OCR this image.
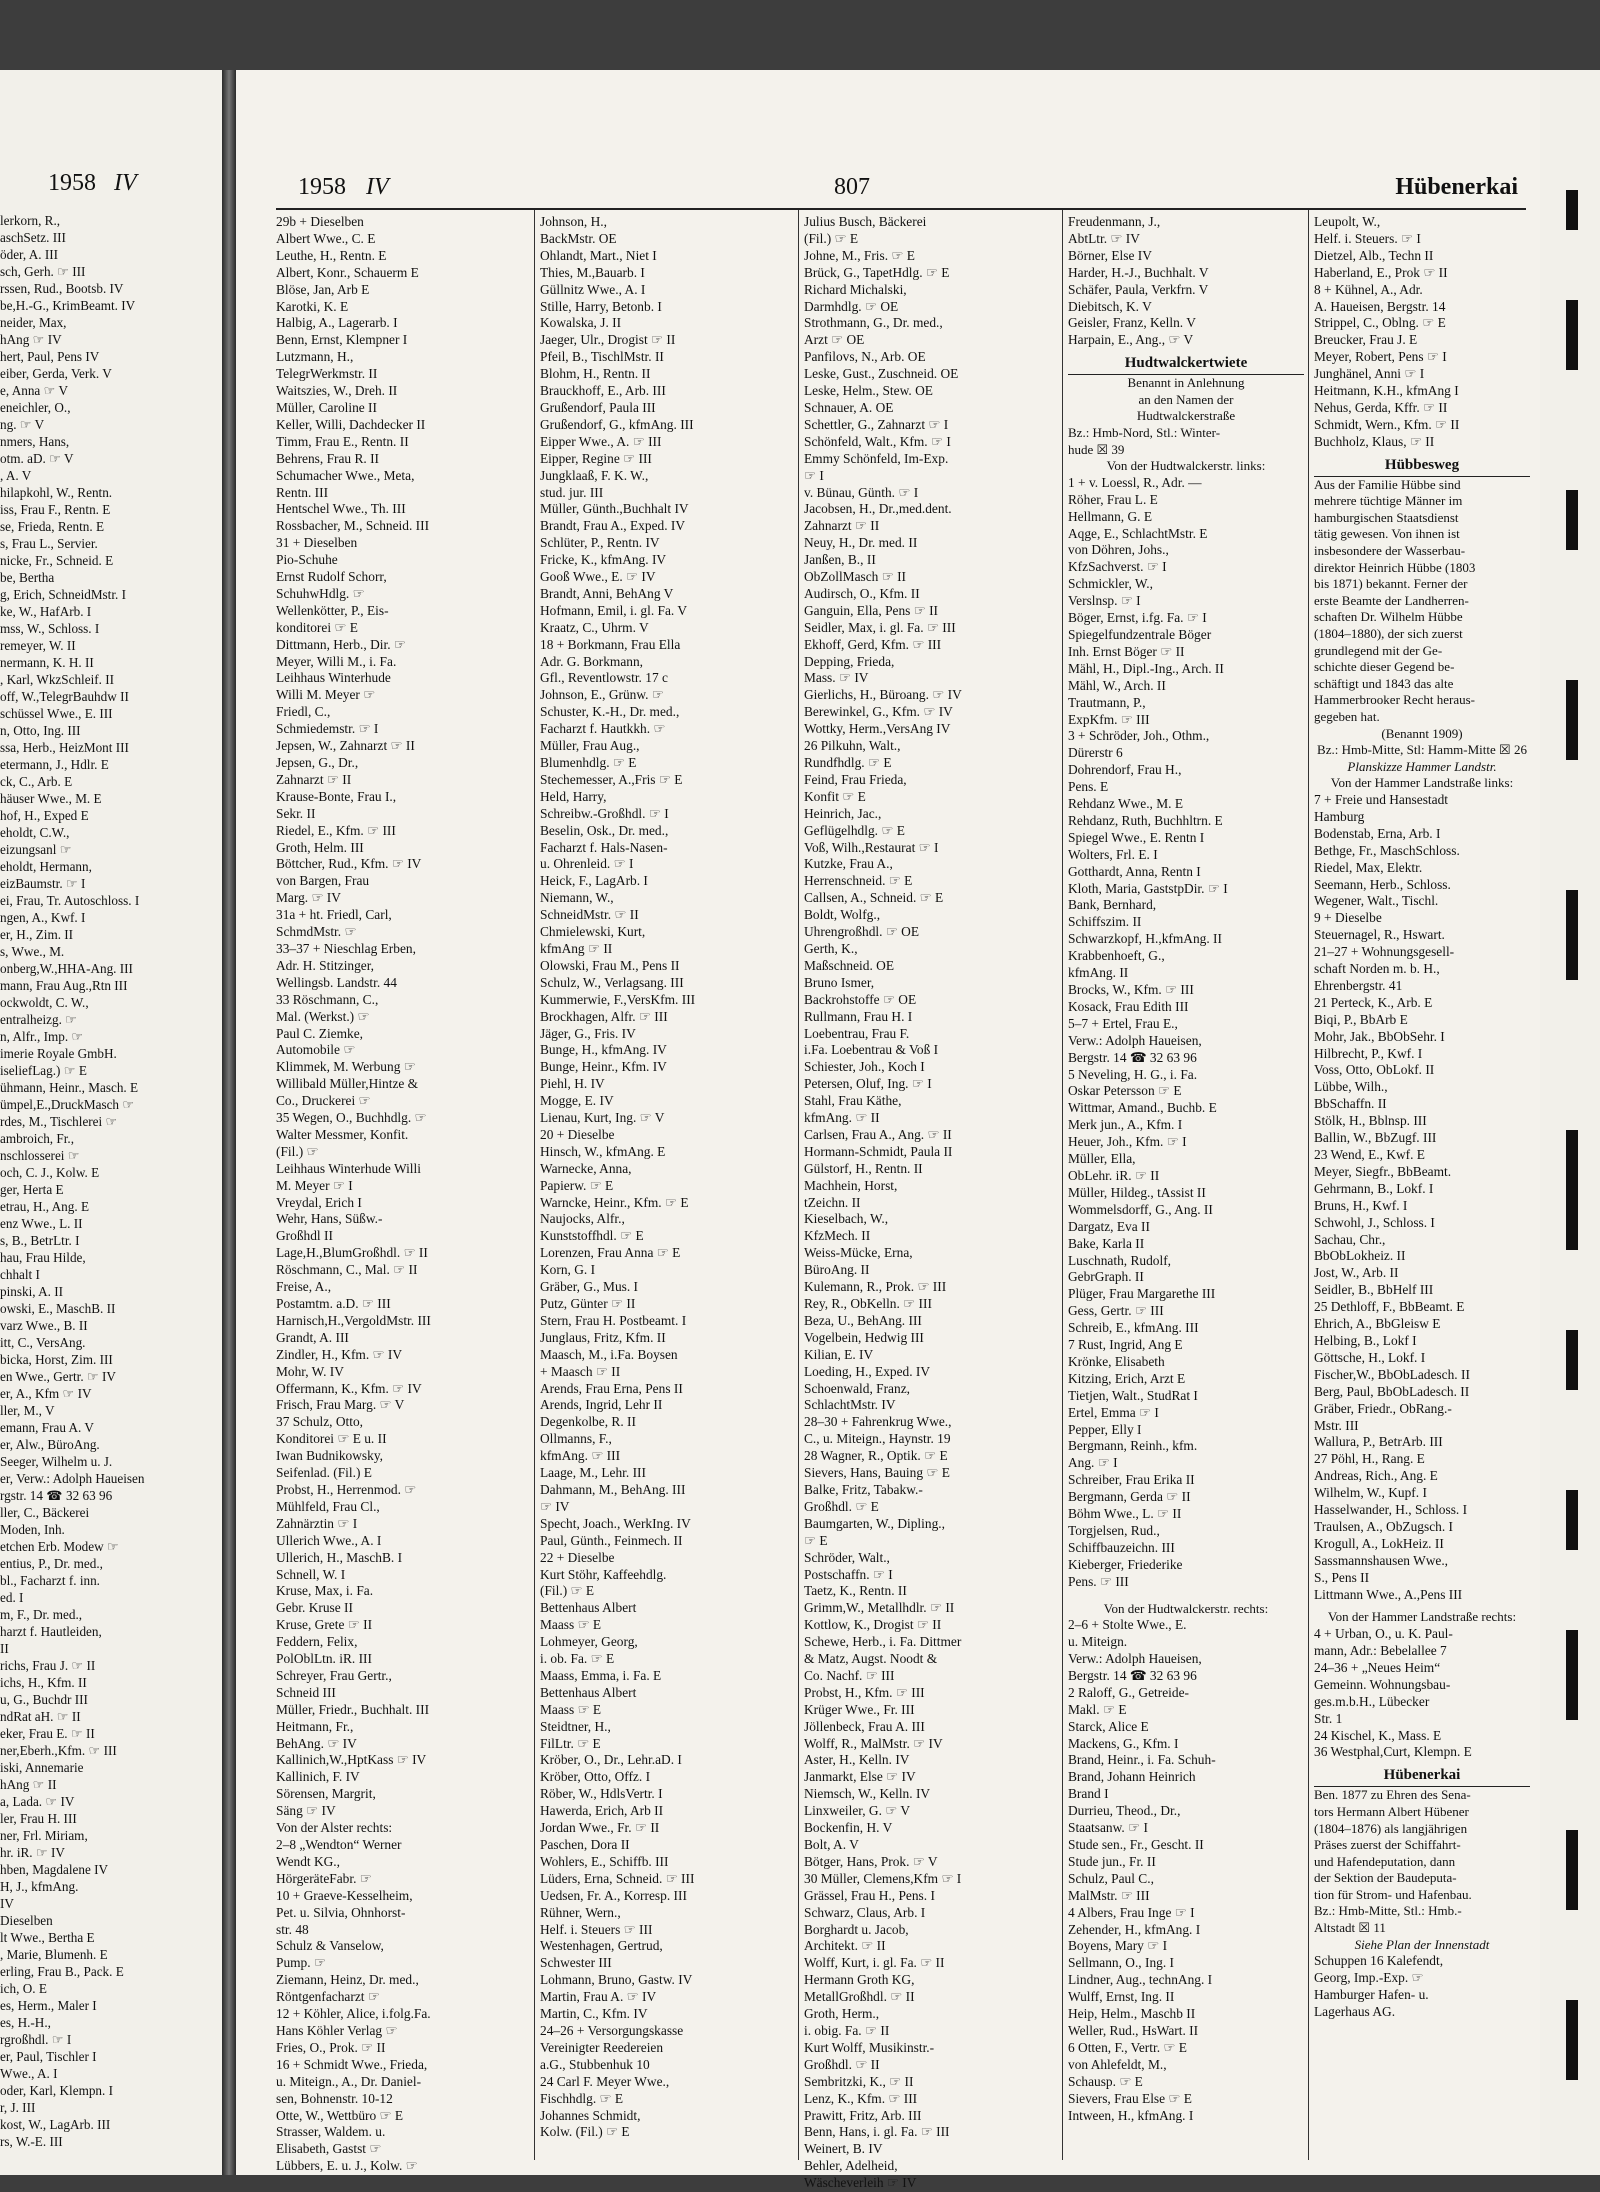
1958 IV
lerkorn, R.,
aschSetz. III
öder, A. III
sch, Gerh. ☞ III
rssen, Rud., Bootsb. IV
be,H.-G., KrimBeamt. IV
neider, Max,
hAng ☞ IV
hert, Paul, Pens IV
eiber, Gerda, Verk. V
e, Anna ☞ V
eneichler, O.,
ng. ☞ V
nmers, Hans,
otm. aD. ☞ V
, A. V
hilapkohl, W., Rentn.
iss, Frau F., Rentn. E
se, Frieda, Rentn. E
s, Frau L., Servier.
nicke, Fr., Schneid. E
be, Bertha
g, Erich, SchneidMstr. I
ke, W., HafArb. I
mss, W., Schloss. I
remeyer, W. II
nermann, K. H. II
, Karl, WkzSchleif. II
off, W.,TelegrBauhdw II
schüssel Wwe., E. III
n, Otto, Ing. III
ssa, Herb., HeizMont III
etermann, J., Hdlr. E
ck, C., Arb. E
häuser Wwe., M. E
hof, H., Exped E
eholdt, C.W.,
eizungsanl ☞
eholdt, Hermann,
eizBaumstr. ☞ I
ei, Frau, Tr. Autoschloss. I
ngen, A., Kwf. I
er, H., Zim. II
s, Wwe., M.
onberg,W.,HHA-Ang. III
mann, Frau Aug.,Rtn III
ockwoldt, C. W.,
entralheizg. ☞
n, Alfr., Imp. ☞
imerie Royale GmbH.
iseliefLag.) ☞ E
ühmann, Heinr., Masch. E
ümpel,E.,DruckMasch ☞
rdes, M., Tischlerei ☞
ambroich, Fr.,
nschlosserei ☞
och, C. J., Kolw. E
ger, Herta E
etrau, H., Ang. E
enz Wwe., L. II
s, B., BetrLtr. I
hau, Frau Hilde,
chhalt I
pinski, A. II
owski, E., MaschB. II
varz Wwe., B. II
itt, C., VersAng.
bicka, Horst, Zim. III
en Wwe., Gertr. ☞ IV
er, A., Kfm ☞ IV
ller, M., V
emann, Frau A. V
er, Alw., BüroAng.
Seeger, Wilhelm u. J.
er, Verw.: Adolph Haueisen
rgstr. 14 ☎ 32 63 96
ller, C., Bäckerei
Moden, Inh.
etchen Erb. Modew ☞
entius, P., Dr. med.,
bl., Facharzt f. inn.
ed. I
m, F., Dr. med.,
harzt f. Hautleiden,
II
richs, Frau J. ☞ II
ichs, H., Kfm. II
u, G., Buchdr III
ndRat aH. ☞ II
eker, Frau E. ☞ II
ner,Eberh.,Kfm. ☞ III
iski, Annemarie
hAng ☞ II
a, Lada. ☞ IV
ler, Frau H. III
ner, Frl. Miriam,
hr. iR. ☞ IV
hben, Magdalene IV
H, J., kfmAng.
IV
Dieselben
lt Wwe., Bertha E
, Marie, Blumenh. E
erling, Frau B., Pack. E
ich, O. E
es, Herm., Maler I
es, H.-H.,
rgroßhdl. ☞ I
er, Paul, Tischler I
Wwe., A. I
oder, Karl, Klempn. I
r, J. III
kost, W., LagArb. III
rs, W.-E. III
1958 IV	807	Hübenerkai
29b + Dieselben
Albert Wwe., C. E
Leuthe, H., Rentn. E
Albert, Konr., Schauerm E
Blöse, Jan, Arb E
Karotki, K. E
Halbig, A., Lagerarb. I
Benn, Ernst, Klempner I
Lutzmann, H.,
TelegrWerkmstr. II
Waitszies, W., Dreh. II
Müller, Caroline II
Keller, Willi, Dachdecker II
Timm, Frau E., Rentn. II
Behrens, Frau R. II
Schumacher Wwe., Meta,
Rentn. III
Hentschel Wwe., Th. III
Rossbacher, M., Schneid. III
31 + Dieselben
Pio-Schuhe
Ernst Rudolf Schorr,
SchuhwHdlg. ☞
Wellenkötter, P., Eis-
konditorei ☞ E
Dittmann, Herb., Dir. ☞
Meyer, Willi M., i. Fa.
Leihhaus Winterhude
Willi M. Meyer ☞
Friedl, C.,
Schmiedemstr. ☞ I
Jepsen, W., Zahnarzt ☞ II
Jepsen, G., Dr.,
Zahnarzt ☞ II
Krause-Bonte, Frau I.,
Sekr. II
Riedel, E., Kfm. ☞ III
Groth, Helm. III
Böttcher, Rud., Kfm. ☞ IV
von Bargen, Frau
Marg. ☞ IV
31a + ht. Friedl, Carl,
SchmdMstr. ☞
33–37 + Nieschlag Erben,
Adr. H. Stitzinger,
Wellingsb. Landstr. 44
33 Röschmann, C.,
Mal. (Werkst.) ☞
Paul C. Ziemke,
Automobile ☞
Klimmek, M. Werbung ☞
Willibald Müller,Hintze &
Co., Druckerei ☞
35 Wegen, O., Buchhdlg. ☞
Walter Messmer, Konfit.
(Fil.) ☞
Leihhaus Winterhude Willi
M. Meyer ☞ I
Vreydal, Erich I
Wehr, Hans, Süßw.-
Großhdl II
Lage,H.,BlumGroßhdl. ☞ II
Röschmann, C., Mal. ☞ II
Freise, A.,
Postamtm. a.D. ☞ III
Harnisch,H.,VergoldMstr. III
Grandt, A. III
Zindler, H., Kfm. ☞ IV
Mohr, W. IV
Offermann, K., Kfm. ☞ IV
Frisch, Frau Marg. ☞ V
37 Schulz, Otto,
Konditorei ☞ E u. II
Iwan Budnikowsky,
Seifenlad. (Fil.) E
Probst, H., Herrenmod. ☞
Mühlfeld, Frau Cl.,
Zahnärztin ☞ I
Ullerich Wwe., A. I
Ullerich, H., MaschB. I
Schnell, W. I
Kruse, Max, i. Fa.
Gebr. Kruse II
Kruse, Grete ☞ II
Feddern, Felix,
PolOblLtn. iR. III
Schreyer, Frau Gertr.,
Schneid III
Müller, Friedr., Buchhalt. III
Heitmann, Fr.,
BehAng. ☞ IV
Kallinich,W.,HptKass ☞ IV
Kallinich, F. IV
Sörensen, Margrit,
Säng ☞ IV
Von der Alster rechts:
2–8 „Wendton“ Werner
Wendt KG.,
HörgeräteFabr. ☞
10 + Graeve-Kesselheim,
Pet. u. Silvia, Ohnhorst-
str. 48
Schulz & Vanselow,
Pump. ☞
Ziemann, Heinz, Dr. med.,
Röntgenfacharzt ☞
12 + Köhler, Alice, i.folg.Fa.
Hans Köhler Verlag ☞
Fries, O., Prok. ☞ II
16 + Schmidt Wwe., Frieda,
u. Miteign., A., Dr. Daniel-
sen, Bohnenstr. 10-12
Otte, W., Wettbüro ☞ E
Strasser, Waldem. u.
Elisabeth, Gastst ☞
Lübbers, E. u. J., Kolw. ☞
Johnson, H.,
BackMstr. OE
Ohlandt, Mart., Niet I
Thies, M.,Bauarb. I
Güllnitz Wwe., A. I
Stille, Harry, Betonb. I
Kowalska, J. II
Jaeger, Ulr., Drogist ☞ II
Pfeil, B., TischlMstr. II
Blohm, H., Rentn. II
Brauckhoff, E., Arb. III
Grußendorf, Paula III
Grußendorf, G., kfmAng. III
Eipper Wwe., A. ☞ III
Eipper, Regine ☞ III
Jungklaaß, F. K. W.,
stud. jur. III
Müller, Günth.,Buchhalt IV
Brandt, Frau A., Exped. IV
Schlüter, P., Rentn. IV
Fricke, K., kfmAng. IV
Gooß Wwe., E. ☞ IV
Brandt, Anni, BehAng V
Hofmann, Emil, i. gl. Fa. V
Kraatz, C., Uhrm. V
18 + Borkmann, Frau Ella
Adr. G. Borkmann,
Gfl., Reventlowstr. 17 c
Johnson, E., Grünw. ☞
Schuster, K.-H., Dr. med.,
Facharzt f. Hautkkh. ☞
Müller, Frau Aug.,
Blumenhdlg. ☞ E
Stechemesser, A.,Fris ☞ E
Held, Harry,
Schreibw.-Großhdl. ☞ I
Beselin, Osk., Dr. med.,
Facharzt f. Hals-Nasen-
u. Ohrenleid. ☞ I
Heick, F., LagArb. I
Niemann, W.,
SchneidMstr. ☞ II
Chmielewski, Kurt,
kfmAng ☞ II
Olowski, Frau M., Pens II
Schulz, W., Verlagsang. III
Kummerwie, F.,VersKfm. III
Brockhagen, Alfr. ☞ III
Jäger, G., Fris. IV
Bunge, H., kfmAng. IV
Bunge, Heinr., Kfm. IV
Piehl, H. IV
Mogge, E. IV
Lienau, Kurt, Ing. ☞ V
20 + Dieselbe
Hinsch, W., kfmAng. E
Warnecke, Anna,
Papierw. ☞ E
Warncke, Heinr., Kfm. ☞ E
Naujocks, Alfr.,
Kunststoffhdl. ☞ E
Lorenzen, Frau Anna ☞ E
Korn, G. I
Gräber, G., Mus. I
Putz, Günter ☞ II
Stern, Frau H. Postbeamt. I
Junglaus, Fritz, Kfm. II
Maasch, M., i.Fa. Boysen
+ Maasch ☞ II
Arends, Frau Erna, Pens II
Arends, Ingrid, Lehr II
Degenkolbe, R. II
Ollmanns, F.,
kfmAng. ☞ III
Laage, M., Lehr. III
Dahmann, M., BehAng. III
☞ IV
Specht, Joach., WerkIng. IV
Paul, Günth., Feinmech. II
22 + Dieselbe
Kurt Stöhr, Kaffeehdlg.
(Fil.) ☞ E
Bettenhaus Albert
Maass ☞ E
Lohmeyer, Georg,
i. ob. Fa. ☞ E
Maass, Emma, i. Fa. E
Bettenhaus Albert
Maass ☞ E
Steidtner, H.,
FilLtr. ☞ E
Kröber, O., Dr., Lehr.aD. I
Kröber, Otto, Offz. I
Röber, W., HdlsVertr. I
Hawerda, Erich, Arb II
Jordan Wwe., Fr. ☞ II
Paschen, Dora II
Wohlers, E., Schiffb. III
Lüders, Erna, Schneid. ☞ III
Uedsen, Fr. A., Korresp. III
Rühner, Wern.,
Helf. i. Steuers ☞ III
Westenhagen, Gertrud,
Schwester III
Lohmann, Bruno, Gastw. IV
Martin, Frau A. ☞ IV
Martin, C., Kfm. IV
24–26 + Versorgungskasse
Vereinigter Reedereien
a.G., Stubbenhuk 10
24 Carl F. Meyer Wwe.,
Fischhdlg. ☞ E
Johannes Schmidt,
Kolw. (Fil.) ☞ E
Julius Busch, Bäckerei
(Fil.) ☞ E
Johne, M., Fris. ☞ E
Brück, G., TapetHdlg. ☞ E
Richard Michalski,
Darmhdlg. ☞ OE
Strothmann, G., Dr. med.,
Arzt ☞ OE
Panfilovs, N., Arb. OE
Leske, Gust., Zuschneid. OE
Leske, Helm., Stew. OE
Schnauer, A. OE
Schettler, G., Zahnarzt ☞ I
Schönfeld, Walt., Kfm. ☞ I
Emmy Schönfeld, Im-Exp.
☞ I
v. Bünau, Günth. ☞ I
Jacobsen, H., Dr.,med.dent.
Zahnarzt ☞ II
Neuy, H., Dr. med. II
Janßen, B., II
ObZollMasch ☞ II
Audirsch, O., Kfm. II
Ganguin, Ella, Pens ☞ II
Seidler, Max, i. gl. Fa. ☞ III
Ekhoff, Gerd, Kfm. ☞ III
Depping, Frieda,
Mass. ☞ IV
Gierlichs, H., Büroang. ☞ IV
Berewinkel, G., Kfm. ☞ IV
Wottky, Herm.,VersAng IV
26 Pilkuhn, Walt.,
Rundfhdlg. ☞ E
Feind, Frau Frieda,
Konfit ☞ E
Heinrich, Jac.,
Geflügelhdlg. ☞ E
Voß, Wilh.,Restaurat ☞ I
Kutzke, Frau A.,
Herrenschneid. ☞ E
Callsen, A., Schneid. ☞ E
Boldt, Wolfg.,
Uhrengroßhdl. ☞ OE
Gerth, K.,
Maßschneid. OE
Bruno Ismer,
Backrohstoffe ☞ OE
Rullmann, Frau H. I
Loebentrau, Frau F.
i.Fa. Loebentrau & Voß I
Schiester, Joh., Koch I
Petersen, Oluf, Ing. ☞ I
Stahl, Frau Käthe,
kfmAng. ☞ II
Carlsen, Frau A., Ang. ☞ II
Hormann-Schmidt, Paula II
Gülstorf, H., Rentn. II
Machhein, Horst,
tZeichn. II
Kieselbach, W.,
KfzMech. II
Weiss-Mücke, Erna,
BüroAng. II
Kulemann, R., Prok. ☞ III
Rey, R., ObKelln. ☞ III
Beza, U., BehAng. III
Vogelbein, Hedwig III
Kilian, E. IV
Loeding, H., Exped. IV
Schoenwald, Franz,
SchlachtMstr. IV
28–30 + Fahrenkrug Wwe.,
C., u. Miteign., Haynstr. 19
28 Wagner, R., Optik. ☞ E
Sievers, Hans, Bauing ☞ E
Balke, Fritz, Tabakw.-
Großhdl. ☞ E
Baumgarten, W., Dipling.,
☞ E
Schröder, Walt.,
Postschaffn. ☞ I
Taetz, K., Rentn. II
Grimm,W., Metallhdlr. ☞ II
Kottlow, K., Drogist ☞ II
Schewe, Herb., i. Fa. Dittmer
& Matz, Augst. Noodt &
Co. Nachf. ☞ III
Probst, H., Kfm. ☞ III
Krüger Wwe., Fr. III
Jöllenbeck, Frau A. III
Wolff, R., MalMstr. ☞ IV
Aster, H., Kelln. IV
Janmarkt, Else ☞ IV
Niemsch, W., Kelln. IV
Linxweiler, G. ☞ V
Bockenfin, H. V
Bolt, A. V
Bötger, Hans, Prok. ☞ V
30 Müller, Clemens,Kfm ☞ I
Grässel, Frau H., Pens. I
Schwarz, Claus, Arb. I
Borghardt u. Jacob,
Architekt. ☞ II
Wolff, Kurt, i. gl. Fa. ☞ II
Hermann Groth KG,
MetallGroßhdl. ☞ II
Groth, Herm.,
i. obig. Fa. ☞ II
Kurt Wolff, Musikinstr.-
Großhdl. ☞ II
Sembritzki, K., ☞ II
Lenz, K., Kfm. ☞ III
Prawitt, Fritz, Arb. III
Benn, Hans, i. gl. Fa. ☞ III
Weinert, B. IV
Behler, Adelheid,
Wäscheverleih ☞ IV
Freudenmann, J.,
AbtLtr. ☞ IV
Börner, Else IV
Harder, H.-J., Buchhalt. V
Schäfer, Paula, Verkfrn. V
Diebitsch, K. V
Geisler, Franz, Kelln. V
Harpain, E., Ang., ☞ V
Hudtwalckertwiete
Benannt in Anlehnung
an den Namen der
Hudtwalckerstraße
Bz.: Hmb-Nord, Stl.: Winter-
hude ☒ 39
Von der Hudtwalckerstr. links:
1 + v. Loessl, R., Adr. —
Röher, Frau L. E
Hellmann, G. E
Aqge, E., SchlachtMstr. E
von Döhren, Johs.,
KfzSachverst. ☞ I
Schmickler, W.,
Verslnsp. ☞ I
Böger, Ernst, i.fg. Fa. ☞ I
Spiegelfundzentrale Böger
Inh. Ernst Böger ☞ II
Mähl, H., Dipl.-Ing., Arch. II
Mähl, W., Arch. II
Trautmann, P.,
ExpKfm. ☞ III
3 + Schröder, Joh., Othm.,
Dürerstr 6
Dohrendorf, Frau H.,
Pens. E
Rehdanz Wwe., M. E
Rehdanz, Ruth, Buchhltrn. E
Spiegel Wwe., E. Rentn I
Wolters, Frl. E. I
Gotthardt, Anna, Rentn I
Kloth, Maria, GaststpDir. ☞ I
Bank, Bernhard,
Schiffszim. II
Schwarzkopf, H.,kfmAng. II
Krabbenhoeft, G.,
kfmAng. II
Brocks, W., Kfm. ☞ III
Kosack, Frau Edith III
5–7 + Ertel, Frau E.,
Verw.: Adolph Haueisen,
Bergstr. 14 ☎ 32 63 96
5 Neveling, H. G., i. Fa.
Oskar Petersson ☞ E
Wittmar, Amand., Buchb. E
Merk jun., A., Kfm. I
Heuer, Joh., Kfm. ☞ I
Müller, Ella,
ObLehr. iR. ☞ II
Müller, Hildeg., tAssist II
Wommelsdorff, G., Ang. II
Dargatz, Eva II
Bake, Karla II
Luschnath, Rudolf,
GebrGraph. II
Plüger, Frau Margarethe III
Gess, Gertr. ☞ III
Schreib, E., kfmAng. III
7 Rust, Ingrid, Ang E
Krönke, Elisabeth
Kitzing, Erich, Arzt E
Tietjen, Walt., StudRat I
Ertel, Emma ☞ I
Pepper, Elly I
Bergmann, Reinh., kfm.
Ang. ☞ I
Schreiber, Frau Erika II
Bergmann, Gerda ☞ II
Böhm Wwe., L. ☞ II
Torgjelsen, Rud.,
Schiffbauzeichn. III
Kieberger, Friederike
Pens. ☞ III
Von der Hudtwalckerstr. rechts:
2–6 + Stolte Wwe., E.
u. Miteign.
Verw.: Adolph Haueisen,
Bergstr. 14 ☎ 32 63 96
2 Raloff, G., Getreide-
Makl. ☞ E
Starck, Alice E
Mackens, G., Kfm. I
Brand, Heinr., i. Fa. Schuh-
Brand, Johann Heinrich
Brand I
Durrieu, Theod., Dr.,
Staatsanw. ☞ I
Stude sen., Fr., Gescht. II
Stude jun., Fr. II
Schulz, Paul C.,
MalMstr. ☞ III
4 Albers, Frau Inge ☞ I
Zehender, H., kfmAng. I
Boyens, Mary ☞ I
Sellmann, O., Ing. I
Lindner, Aug., technAng. I
Wulff, Ernst, Ing. II
Heip, Helm., Maschb II
Weller, Rud., HsWart. II
6 Otten, F., Vertr. ☞ E
von Ahlefeldt, M.,
Schausp. ☞ E
Sievers, Frau Else ☞ E
Intween, H., kfmAng. I
Leupolt, W.,
Helf. i. Steuers. ☞ I
Dietzel, Alb., Techn II
Haberland, E., Prok ☞ II
8 + Kühnel, A., Adr.
A. Haueisen, Bergstr. 14
Strippel, C., Oblng. ☞ E
Breucker, Frau J. E
Meyer, Robert, Pens ☞ I
Junghänel, Anni ☞ I
Heitmann, K.H., kfmAng I
Nehus, Gerda, Kffr. ☞ II
Schmidt, Wern., Kfm. ☞ II
Buchholz, Klaus, ☞ II
Hübbesweg
Aus der Familie Hübbe sind
mehrere tüchtige Männer im
hamburgischen Staatsdienst
tätig gewesen. Von ihnen ist
insbesondere der Wasserbau-
direktor Heinrich Hübbe (1803
bis 1871) bekannt. Ferner der
erste Beamte der Landherren-
schaften Dr. Wilhelm Hübbe
(1804–1880), der sich zuerst
grundlegend mit der Ge-
schichte dieser Gegend be-
schäftigt und 1843 das alte
Hammerbrooker Recht heraus-
gegeben hat.
(Benannt 1909)
Bz.: Hmb-Mitte, Stl: Hamm-Mitte ☒ 26
Planskizze Hammer Landstr.
Von der Hammer Landstraße links:
7 + Freie und Hansestadt
Hamburg
Bodenstab, Erna, Arb. I
Bethge, Fr., MaschSchloss.
Riedel, Max, Elektr.
Seemann, Herb., Schloss.
Wegener, Walt., Tischl.
9 + Dieselbe
Steuernagel, R., Hswart.
21–27 + Wohnungsgesell-
schaft Norden m. b. H.,
Ehrenbergstr. 41
21 Perteck, K., Arb. E
Biqi, P., BbArb E
Mohr, Jak., BbObSehr. I
Hilbrecht, P., Kwf. I
Voss, Otto, ObLokf. II
Lübbe, Wilh.,
BbSchaffn. II
Stölk, H., Bblnsp. III
Ballin, W., BbZugf. III
23 Wend, E., Kwf. E
Meyer, Siegfr., BbBeamt.
Gehrmann, B., Lokf. I
Bruns, H., Kwf. I
Schwohl, J., Schloss. I
Sachau, Chr.,
BbObLokheiz. II
Jost, W., Arb. II
Seidler, B., BbHelf III
25 Dethloff, F., BbBeamt. E
Ehrich, A., BbGleisw E
Helbing, B., Lokf I
Göttsche, H., Lokf. I
Fischer,W., BbObLadesch. II
Berg, Paul, BbObLadesch. II
Gräber, Friedr., ObRang.-
Mstr. III
Wallura, P., BetrArb. III
27 Pöhl, H., Rang. E
Andreas, Rich., Ang. E
Wilhelm, W., Kupf. I
Hasselwander, H., Schloss. I
Traulsen, A., ObZugsch. I
Krogull, A., LokHeiz. II
Sassmannshausen Wwe.,
S., Pens II
Littmann Wwe., A.,Pens III
Von der Hammer Landstraße rechts:
4 + Urban, O., u. K. Paul-
mann, Adr.: Bebelallee 7
24–36 + „Neues Heim“
Gemeinn. Wohnungsbau-
ges.m.b.H., Lübecker
Str. 1
24 Kischel, K., Mass. E
36 Westphal,Curt, Klempn. E
Hübenerkai
Ben. 1877 zu Ehren des Sena-
tors Hermann Albert Hübener
(1804–1876) als langjährigen
Präses zuerst der Schiffahrt-
und Hafendeputation, dann
der Sektion der Baudeputa-
tion für Strom- und Hafenbau.
Bz.: Hmb-Mitte, Stl.: Hmb.-
Altstadt ☒ 11
Siehe Plan der Innenstadt
Schuppen 16 Kalefendt,
Georg, Imp.-Exp. ☞
Hamburger Hafen- u.
Lagerhaus AG.
